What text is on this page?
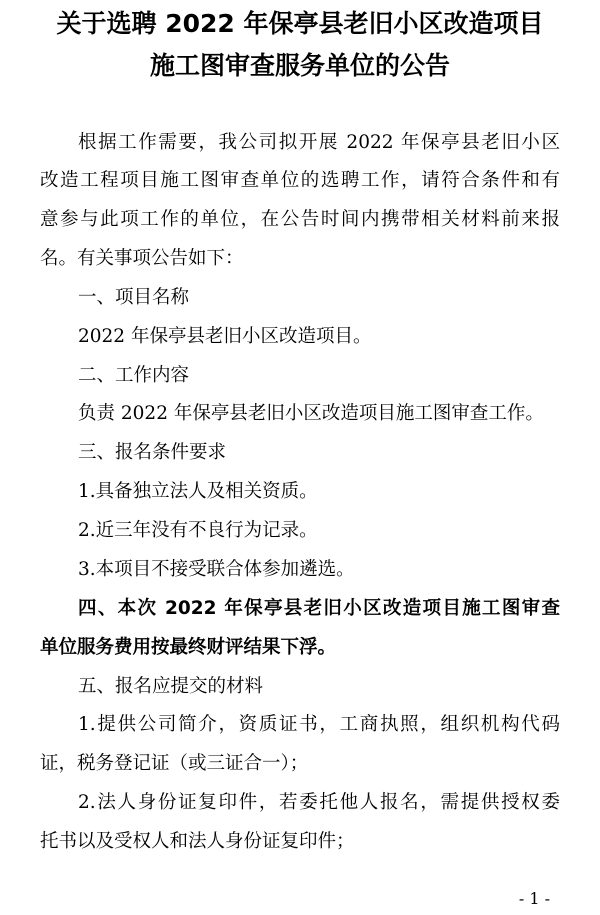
关于选聘 2022 年保亭县老旧小区改造项目
施工图审查服务单位的公告
根据工作需要，我公司拟开展 2022 年保亭县老旧小区
改造工程项目施工图审查单位的选聘工作，请符合条件和有
意参与此项工作的单位，在公告时间内携带相关材料前来报
名。有关事项公告如下：
一、项目名称
2022 年保亭县老旧小区改造项目。
二、工作内容
负责 2022 年保亭县老旧小区改造项目施工图审查工作。
三、报名条件要求
1.具备独立法人及相关资质。
2.近三年没有不良行为记录。
3.本项目不接受联合体参加遴选。
四、本次 2022 年保亭县老旧小区改造项目施工图审查
单位服务费用按最终财评结果下浮。
五、报名应提交的材料
1.提供公司简介，资质证书，工商执照，组织机构代码
证，税务登记证（或三证合一）；
2.法人身份证复印件，若委托他人报名，需提供授权委
托书以及受权人和法人身份证复印件；
- 1 -
